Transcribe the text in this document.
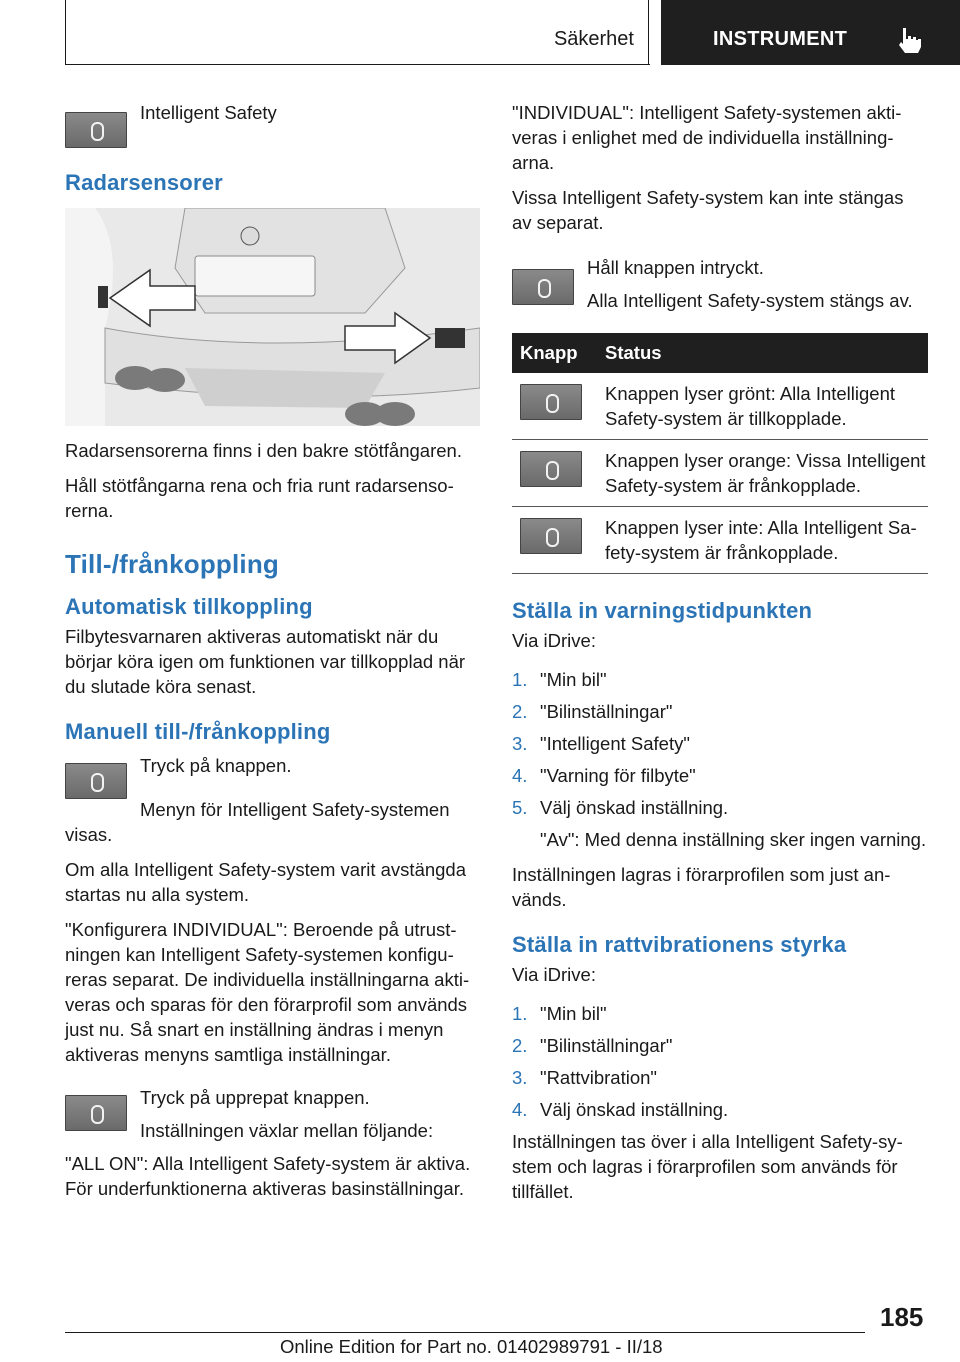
Säkerhet	INSTRUMENT

Intelligent Safety

Radarsensorer

Radarsensorerna finns i den bakre stötfångaren.

Håll stötfångarna rena och fria runt radarsensorerna.

Till-/frånkoppling
Automatisk tillkoppling

Filbytesvarnaren aktiveras automatiskt när du börjar köra igen om funktionen var tillkopplad när du slutade köra senast.

Manuell till-/frånkoppling

Tryck på knappen.

Menyn för Intelligent Safety-systemen visas.

Om alla Intelligent Safety-system varit avstängda startas nu alla system.

"Konfigurera INDIVIDUAL": Beroende på utrustningen kan Intelligent Safety-systemen konfigureras separat. De individuella inställningarna aktiveras och sparas för den förarprofil som används just nu. Så snart en inställning ändras i menyn aktiveras menyns samtliga inställningar.

Tryck på upprepat knappen.

Inställningen växlar mellan följande:

"ALL ON": Alla Intelligent Safety-system är aktiva. För underfunktionerna aktiveras basinställningar.

"INDIVIDUAL": Intelligent Safety-systemen aktiveras i enlighet med de individuella inställningarna.

Vissa Intelligent Safety-system kan inte stängas av separat.

Håll knappen intryckt.

Alla Intelligent Safety-system stängs av.

Knapp	Status

	Knappen lyser grönt: Alla Intelligent Safety-system är tillkopplade.

	Knappen lyser orange: Vissa Intelligent Safety-system är frånkopplade.

	Knappen lyser inte: Alla Intelligent Safety-system är frånkopplade.
Ställa in varningstidpunkten

Via iDrive:

1. "Min bil"
2. "Bilinställningar"
3. "Intelligent Safety"
4. "Varning för filbyte"
5. Välj önskad inställning.

"Av": Med denna inställning sker ingen varning.

Inställningen lagras i förarprofilen som just används.

Ställa in rattvibrationens styrka

Via iDrive:

1. "Min bil"
2. "Bilinställningar"
3. "Rattvibration"
4. Välj önskad inställning.

Inställningen tas över i alla Intelligent Safety-system och lagras i förarprofilen som används för tillfället.

185
Online Edition for Part no. 01402989791 - II/18
